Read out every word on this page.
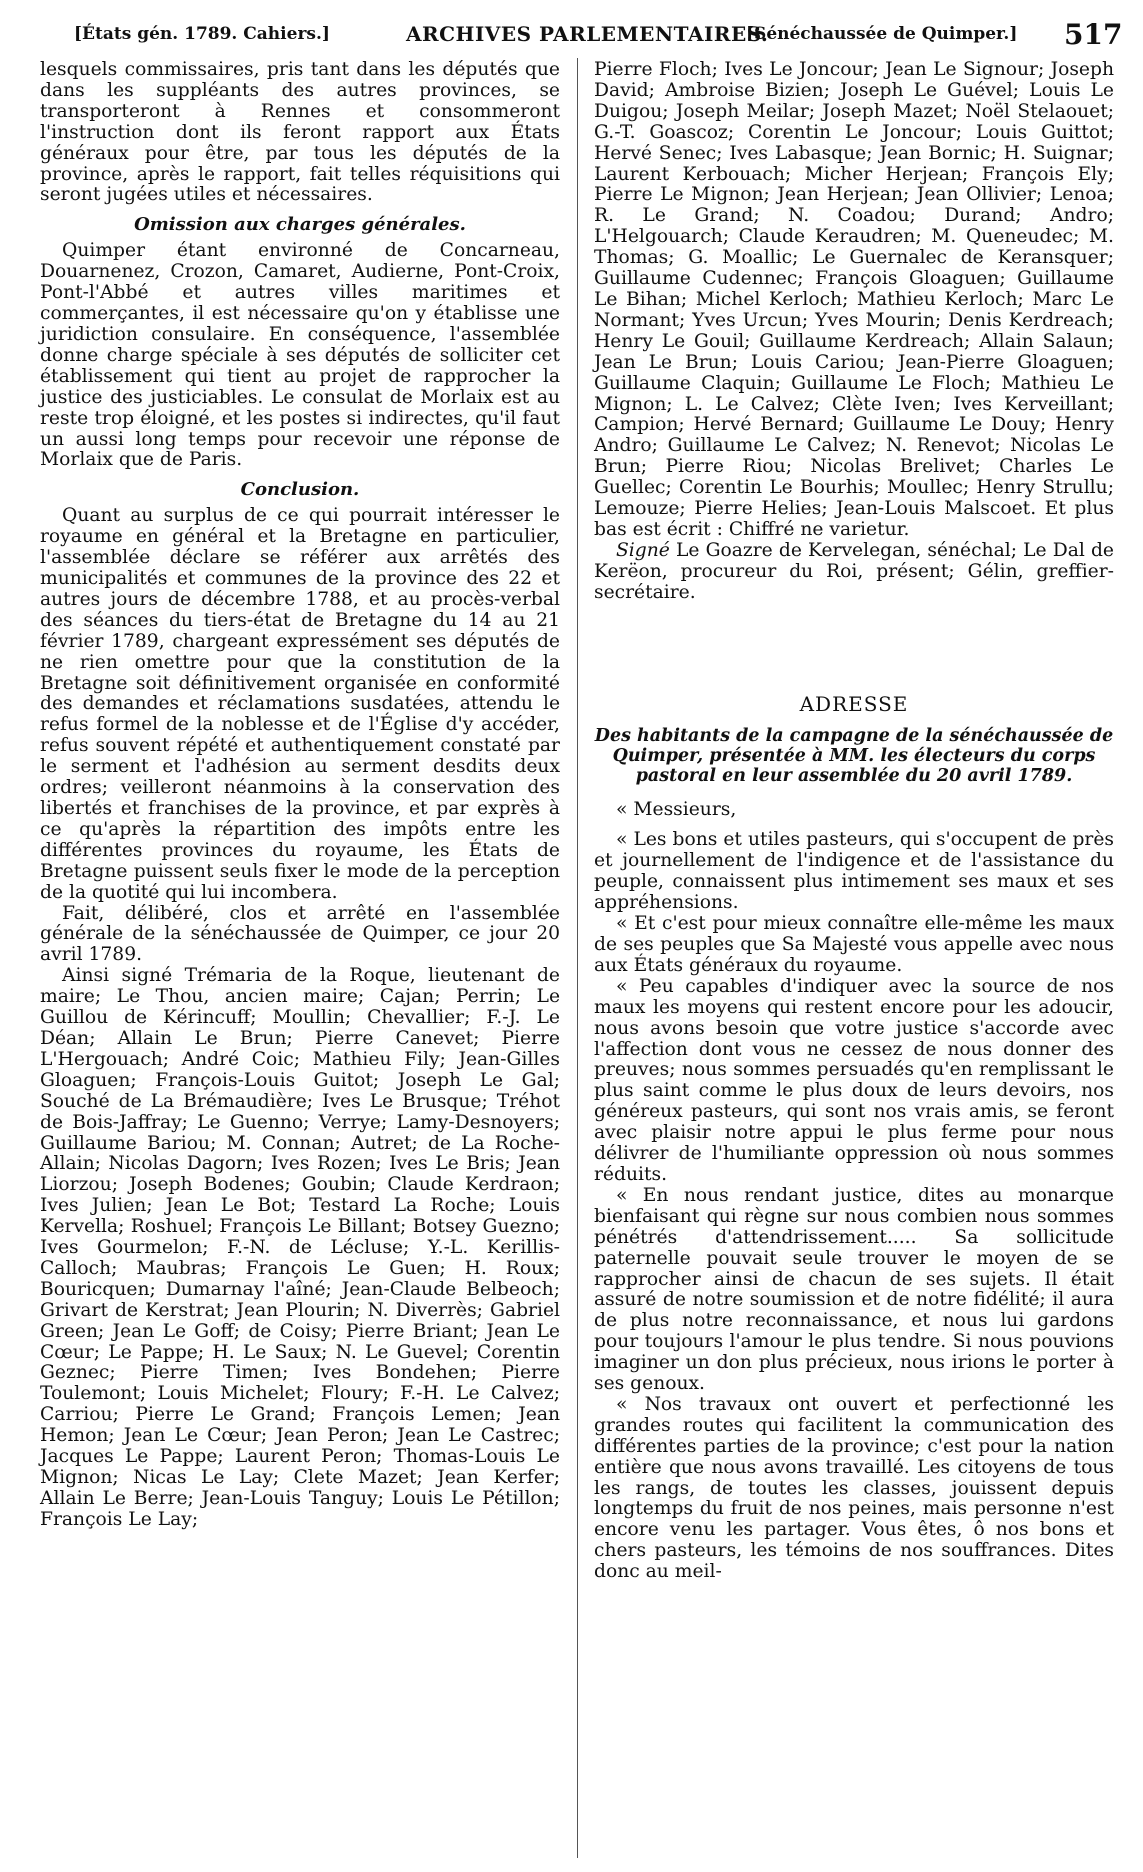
[États gén. 1789. Cahiers.]	ARCHIVES PARLEMENTAIRES.
[Sénéchaussée de Quimper.] 517

lesquels commissaires, pris tant dans les députés que dans les suppléants des autres provinces, se transporteront à Rennes et consommeront l'instruction dont ils feront rapport aux États généraux pour être, par tous les députés de la province, après le rapport, fait telles réquisitions qui seront jugées utiles et nécessaires.

Omission aux charges générales.

Quimper étant environné de Concarneau, Douarnenez, Crozon, Camaret, Audierne, Pont-Croix, Pont-l'Abbé et autres villes maritimes et commerçantes, il est nécessaire qu'on y établisse une juridiction consulaire. En conséquence, l'assemblée donne charge spéciale à ses députés de solliciter cet établissement qui tient au projet de rapprocher la justice des justiciables. Le consulat de Morlaix est au reste trop éloigné, et les postes si indirectes, qu'il faut un aussi long temps pour recevoir une réponse de Morlaix que de Paris.

Conclusion.

Quant au surplus de ce qui pourrait intéresser le royaume en général et la Bretagne en particulier, l'assemblée déclare se référer aux arrêtés des municipalités et communes de la province des 22 et autres jours de décembre 1788, et au procès-verbal des séances du tiers-état de Bretagne du 14 au 21 février 1789, chargeant expressément ses députés de ne rien omettre pour que la constitution de la Bretagne soit définitivement organisée en conformité des demandes et réclamations susdatées, attendu le refus formel de la noblesse et de l'Église d'y accéder, refus souvent répété et authentiquement constaté par le serment et l'adhésion au serment desdits deux ordres; veilleront néanmoins à la conservation des libertés et franchises de la province, et par exprès à ce qu'après la répartition des impôts entre les différentes provinces du royaume, les États de Bretagne puissent seuls fixer le mode de la perception de la quotité qui lui incombera.

Fait, délibéré, clos et arrêté en l'assemblée générale de la sénéchaussée de Quimper, ce jour 20 avril 1789.

Ainsi signé Trémaria de la Roque, lieutenant de maire; Le Thou, ancien maire; Cajan; Perrin; Le Guillou de Kérincuff; Moullin; Chevallier; F.-J. Le Déan; Allain Le Brun; Pierre Canevet; Pierre L'Hergouach; André Coic; Mathieu Fily; Jean-Gilles Gloaguen; François-Louis Guitot; Joseph Le Gal; Souché de La Brémaudière; Ives Le Brusque; Tréhot de Bois-Jaffray; Le Guenno; Verrye; Lamy-Desnoyers; Guillaume Bariou; M. Connan; Autret; de La Roche-Allain; Nicolas Dagorn; Ives Rozen; Ives Le Bris; Jean Liorzou; Joseph Bodenes; Goubin; Claude Kerdraon; Ives Julien; Jean Le Bot; Testard La Roche; Louis Kervella; Roshuel; François Le Billant; Botsey Guezno; Ives Gourmelon; F.-N. de Lécluse; Y.-L. Kerillis-Calloch; Maubras; François Le Guen; H. Roux; Bouricquen; Dumarnay l'aîné; Jean-Claude Belbeoch; Grivart de Kerstrat; Jean Plourin; N. Diverrès; Gabriel Green; Jean Le Goff; de Coisy; Pierre Briant; Jean Le Cœur; Le Pappe; H. Le Saux; N. Le Guevel; Corentin Geznec; Pierre Timen; Ives Bondehen; Pierre Toulemont; Louis Michelet; Floury; F.-H. Le Calvez; Carriou; Pierre Le Grand; François Lemen; Jean Hemon; Jean Le Cœur; Jean Peron; Jean Le Castrec; Jacques Le Pappe; Laurent Peron; Thomas-Louis Le Mignon; Nicas Le Lay; Clete Mazet; Jean Kerfer; Allain Le Berre; Jean-Louis Tanguy; Louis Le Pétillon; François Le Lay;

Pierre Floch; Ives Le Joncour; Jean Le Signour; Joseph David; Ambroise Bizien; Joseph Le Guével; Louis Le Duigou; Joseph Meilar; Joseph Mazet; Noël Stelaouet; G.-T. Goascoz; Corentin Le Joncour; Louis Guittot; Hervé Senec; Ives Labasque; Jean Bornic; H. Suignar; Laurent Kerbouach; Micher Herjean; François Ely; Pierre Le Mignon; Jean Herjean; Jean Ollivier; Lenoa; R. Le Grand; N. Coadou; Durand; Andro; L'Helgouarch; Claude Keraudren; M. Queneudec; M. Thomas; G. Moallic; Le Guernalec de Keransquer; Guillaume Cudennec; François Gloaguen; Guillaume Le Bihan; Michel Kerloch; Mathieu Kerloch; Marc Le Normant; Yves Urcun; Yves Mourin; Denis Kerdreach; Henry Le Gouil; Guillaume Kerdreach; Allain Salaun; Jean Le Brun; Louis Cariou; Jean-Pierre Gloaguen; Guillaume Claquin; Guillaume Le Floch; Mathieu Le Mignon; L. Le Calvez; Clète Iven; Ives Kerveillant; Campion; Hervé Bernard; Guillaume Le Douy; Henry Andro; Guillaume Le Calvez; N. Renevot; Nicolas Le Brun; Pierre Riou; Nicolas Brelivet; Charles Le Guellec; Corentin Le Bourhis; Moullec; Henry Strullu; Lemouze; Pierre Helies; Jean-Louis Malscoet. Et plus bas est écrit : Chiffré ne varietur.

Signé Le Goazre de Kervelegan, sénéchal; Le Dal de Kerëon, procureur du Roi, présent; Gélin, greffier-secrétaire.

ADRESSE
Des habitants de la campagne de la sénéchaussée de Quimper, présentée à MM. les électeurs du corps pastoral en leur assemblée du 20 avril 1789.

« Messieurs,

« Les bons et utiles pasteurs, qui s'occupent de près et journellement de l'indigence et de l'assistance du peuple, connaissent plus intimement ses maux et ses appréhensions.

« Et c'est pour mieux connaître elle-même les maux de ses peuples que Sa Majesté vous appelle avec nous aux États généraux du royaume.

« Peu capables d'indiquer avec la source de nos maux les moyens qui restent encore pour les adoucir, nous avons besoin que votre justice s'accorde avec l'affection dont vous ne cessez de nous donner des preuves; nous sommes persuadés qu'en remplissant le plus saint comme le plus doux de leurs devoirs, nos généreux pasteurs, qui sont nos vrais amis, se feront avec plaisir notre appui le plus ferme pour nous délivrer de l'humiliante oppression où nous sommes réduits.

« En nous rendant justice, dites au monarque bienfaisant qui règne sur nous combien nous sommes pénétrés d'attendrissement..... Sa sollicitude paternelle pouvait seule trouver le moyen de se rapprocher ainsi de chacun de ses sujets. Il était assuré de notre soumission et de notre fidélité; il aura de plus notre reconnaissance, et nous lui gardons pour toujours l'amour le plus tendre. Si nous pouvions imaginer un don plus précieux, nous irions le porter à ses genoux.

« Nos travaux ont ouvert et perfectionné les grandes routes qui facilitent la communication des différentes parties de la province; c'est pour la nation entière que nous avons travaillé. Les citoyens de tous les rangs, de toutes les classes, jouissent depuis longtemps du fruit de nos peines, mais personne n'est encore venu les partager. Vous êtes, ô nos bons et chers pasteurs, les témoins de nos souffrances. Dites donc au meil-
